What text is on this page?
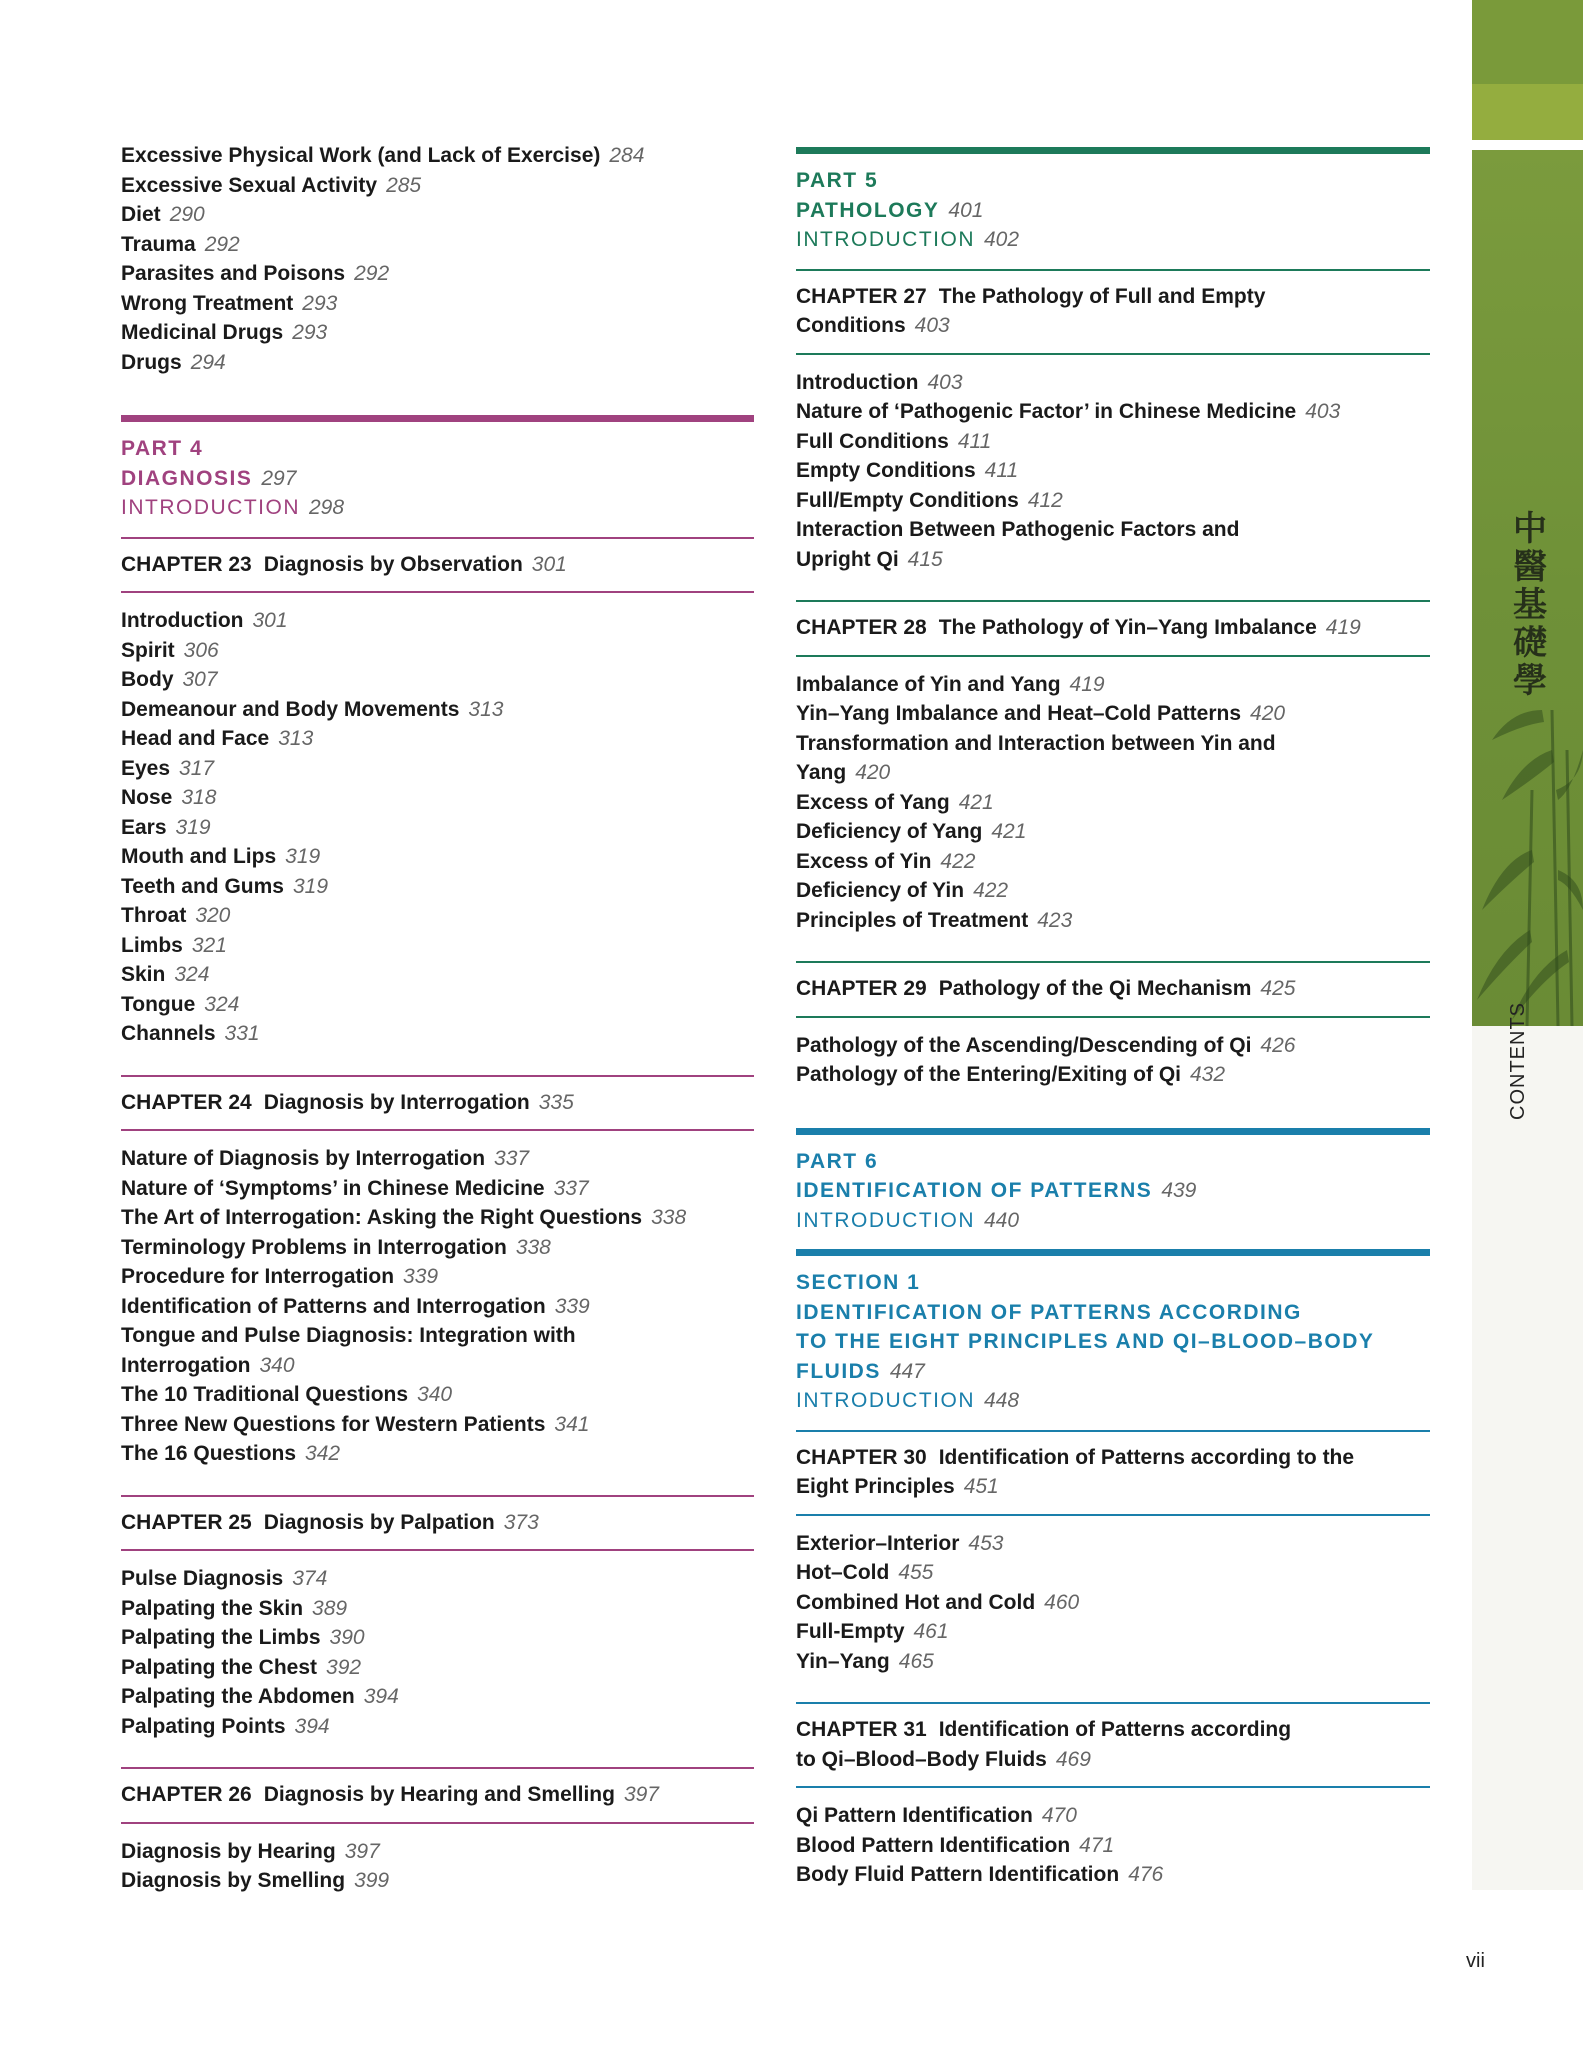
Excessive Physical Work (and Lack of Exercise) 284
Excessive Sexual Activity 285
Diet 290
Trauma 292
Parasites and Poisons 292
Wrong Treatment 293
Medicinal Drugs 293
Drugs 294
PART 4
DIAGNOSIS 297
INTRODUCTION 298

CHAPTER 23 Diagnosis by Observation 301

Introduction 301
Spirit 306
Body 307
Demeanour and Body Movements 313
Head and Face 313
Eyes 317
Nose 318
Ears 319
Mouth and Lips 319
Teeth and Gums 319
Throat 320
Limbs 321
Skin 324
Tongue 324
Channels 331

CHAPTER 24 Diagnosis by Interrogation 335

Nature of Diagnosis by Interrogation 337
Nature of ‘Symptoms’ in Chinese Medicine 337
The Art of Interrogation: Asking the Right Questions 338
Terminology Problems in Interrogation 338
Procedure for Interrogation 339
Identification of Patterns and Interrogation 339
Tongue and Pulse Diagnosis: Integration with
Interrogation 340
The 10 Traditional Questions 340
Three New Questions for Western Patients 341
The 16 Questions 342

CHAPTER 25 Diagnosis by Palpation 373

Pulse Diagnosis 374
Palpating the Skin 389
Palpating the Limbs 390
Palpating the Chest 392
Palpating the Abdomen 394
Palpating Points 394

CHAPTER 26 Diagnosis by Hearing and Smelling 397

Diagnosis by Hearing 397
Diagnosis by Smelling 399
PART 5
PATHOLOGY 401
INTRODUCTION 402

CHAPTER 27 The Pathology of Full and Empty
Conditions 403

Introduction 403
Nature of ‘Pathogenic Factor’ in Chinese Medicine 403
Full Conditions 411
Empty Conditions 411
Full/Empty Conditions 412
Interaction Between Pathogenic Factors and
Upright Qi 415

CHAPTER 28 The Pathology of Yin–Yang Imbalance 419

Imbalance of Yin and Yang 419
Yin–Yang Imbalance and Heat–Cold Patterns 420
Transformation and Interaction between Yin and
Yang 420
Excess of Yang 421
Deficiency of Yang 421
Excess of Yin 422
Deficiency of Yin 422
Principles of Treatment 423

CHAPTER 29 Pathology of the Qi Mechanism 425

Pathology of the Ascending/Descending of Qi 426
Pathology of the Entering/Exiting of Qi 432
PART 6
IDENTIFICATION OF PATTERNS 439
INTRODUCTION 440
SECTION 1
IDENTIFICATION OF PATTERNS ACCORDING
TO THE EIGHT PRINCIPLES AND QI–BLOOD–BODY
FLUIDS 447
INTRODUCTION 448

CHAPTER 30 Identification of Patterns according to the
Eight Principles 451

Exterior–Interior 453
Hot–Cold 455
Combined Hot and Cold 460
Full-Empty 461
Yin–Yang 465

CHAPTER 31 Identification of Patterns according
to Qi–Blood–Body Fluids 469

Qi Pattern Identification 470
Blood Pattern Identification 471
Body Fluid Pattern Identification 476
中
醫
基
礎
學
CONTENTS
vii
